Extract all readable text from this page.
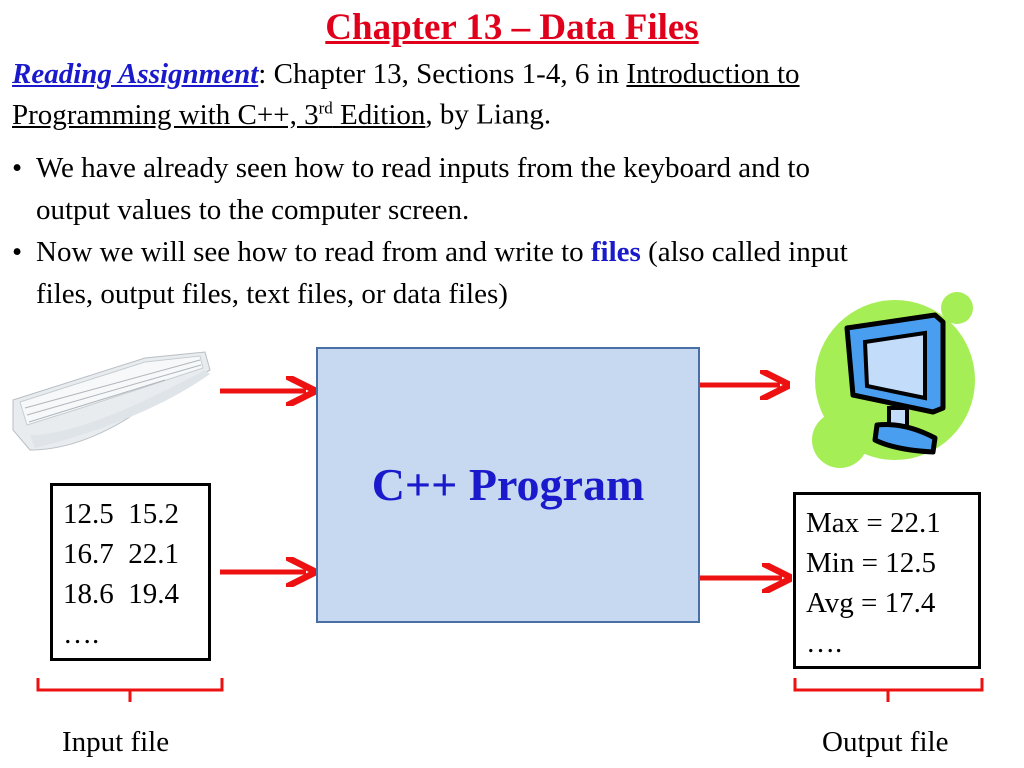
Chapter 13 – Data Files
Reading Assignment: Chapter 13, Sections 1-4, 6 in Introduction to
Programming with C++, 3rd Edition, by Liang.
• We have already seen how to read inputs from the keyboard and to
output values to the computer screen.
• Now we will see how to read from and write to files (also called input
files, output files, text files, or data files)
C++ Program
12.5  15.2
16.7  22.1
18.6  19.4
….
Max = 22.1
Min = 12.5
Avg = 17.4
….
Input file	Output file
